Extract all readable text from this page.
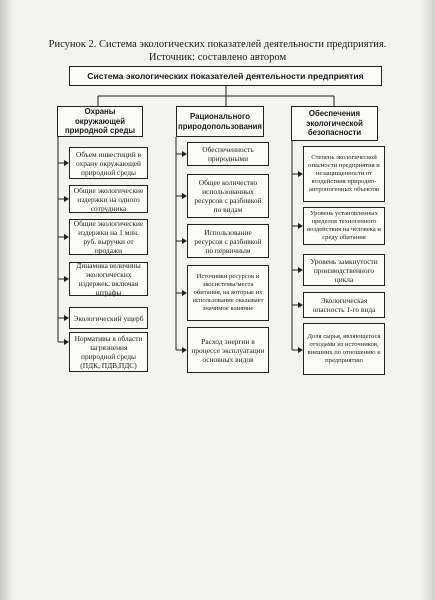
Рисунок 2. Система экологических показателей деятельности предприятия.
Источник: составлено автором
Система экологических показателей деятельности предприятия
Охраны окружающей природной среды
Рационального природопользования
Обеспечения экологической безопасности
Объем инвестиций в охрану окружающей природной среды
Общие экологические издержки на одного сотрудника
Общие экологические издержки на 1 млн. руб. выручки от продажи
Динамика величины экологических издержек, включая штрафы
Экологический ущерб
Нормативы в области загрязнения природной среды (ПДК, ПДВ,ПДС)
Обеспеченность природными
Общее количество использованных ресурсов с разбивкой по видам
Использование ресурсов с разбивкой по первичным
Источники ресурсов и экосистемы/места обитания, на которые их использование оказывает значимое влияние
Расход энергии в процессе эксплуатации основных видов
Степень экологической опасности предприятия и незащищенности от воздействия природно-антропогенных объектов
Уровень установленных пределов техногенного воздействия на человека и среду обитания
Уровень замкнутости производственного цикла
Экологическая опасность 1-го вида
Доля сырья, являющегося отходами из источников, внешних по отношению к предприятию
